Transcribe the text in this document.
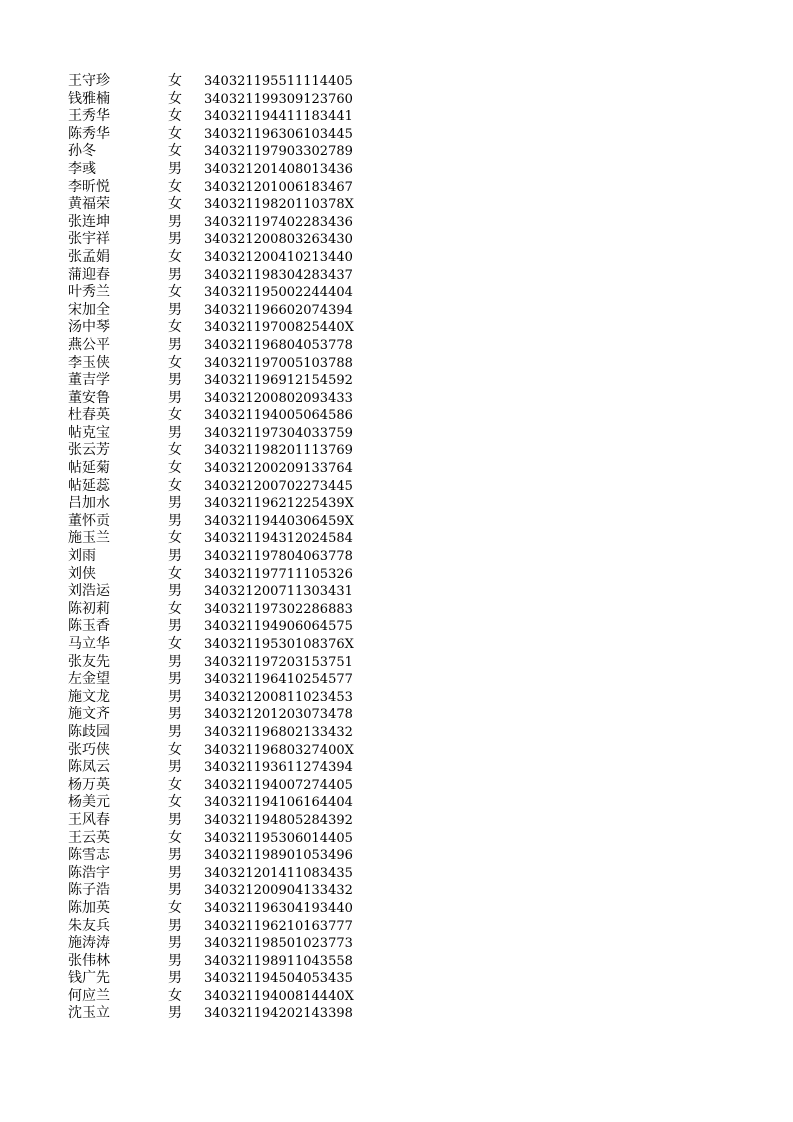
王守珍	女	340321195511114405
钱雅楠	女	340321199309123760
王秀华	女	340321194411183441
陈秀华	女	340321196306103445
孙冬	女	340321197903302789
李彧	男	340321201408013436
李昕悦	女	340321201006183467
黄福荣	女	34032119820110378X
张连坤	男	340321197402283436
张宇祥	男	340321200803263430
张孟娟	女	340321200410213440
蒲迎春	男	340321198304283437
叶秀兰	女	340321195002244404
宋加全	男	340321196602074394
汤中琴	女	34032119700825440X
燕公平	男	340321196804053778
李玉侠	女	340321197005103788
董吉学	男	340321196912154592
董安鲁	男	340321200802093433
杜春英	女	340321194005064586
帖克宝	男	340321197304033759
张云芳	女	340321198201113769
帖延菊	女	340321200209133764
帖延蕊	女	340321200702273445
吕加水	男	34032119621225439X
董怀贡	男	34032119440306459X
施玉兰	女	340321194312024584
刘雨	男	340321197804063778
刘侠	女	340321197711105326
刘浩运	男	340321200711303431
陈初莉	女	340321197302286883
陈玉香	男	340321194906064575
马立华	女	34032119530108376X
张友先	男	340321197203153751
左金望	男	340321196410254577
施文龙	男	340321200811023453
施文齐	男	340321201203073478
陈歧园	男	340321196802133432
张巧侠	女	34032119680327400X
陈凤云	男	340321193611274394
杨万英	女	340321194007274405
杨美元	女	340321194106164404
王风春	男	340321194805284392
王云英	女	340321195306014405
陈雪志	男	340321198901053496
陈浩宇	男	340321201411083435
陈子浩	男	340321200904133432
陈加英	女	340321196304193440
朱友兵	男	340321196210163777
施涛涛	男	340321198501023773
张伟林	男	340321198911043558
钱广先	男	340321194504053435
何应兰	女	34032119400814440X
沈玉立	男	340321194202143398
